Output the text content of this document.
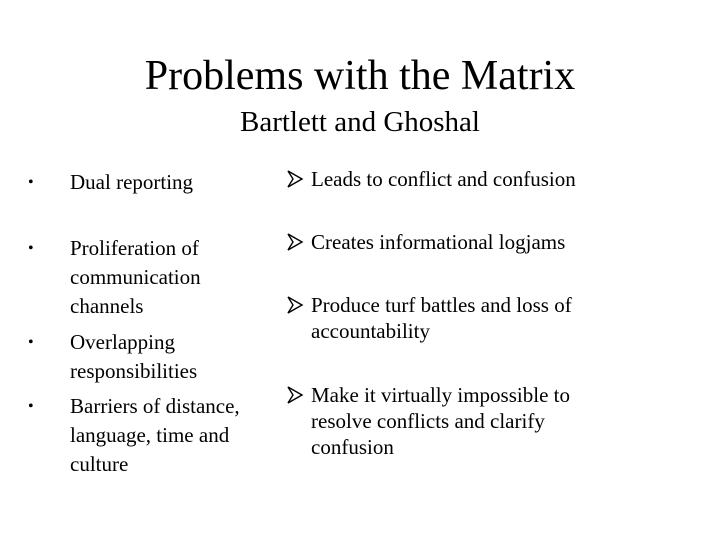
Problems with the Matrix
Bartlett and Ghoshal
•	Dual reporting
•	Proliferation of communication channels
•	Overlapping responsibilities
•	Barriers of distance, language, time and culture
Leads to conflict and confusion
Creates informational logjams
Produce turf battles and loss of accountability
Make it virtually impossible to resolve conflicts and clarify confusion
